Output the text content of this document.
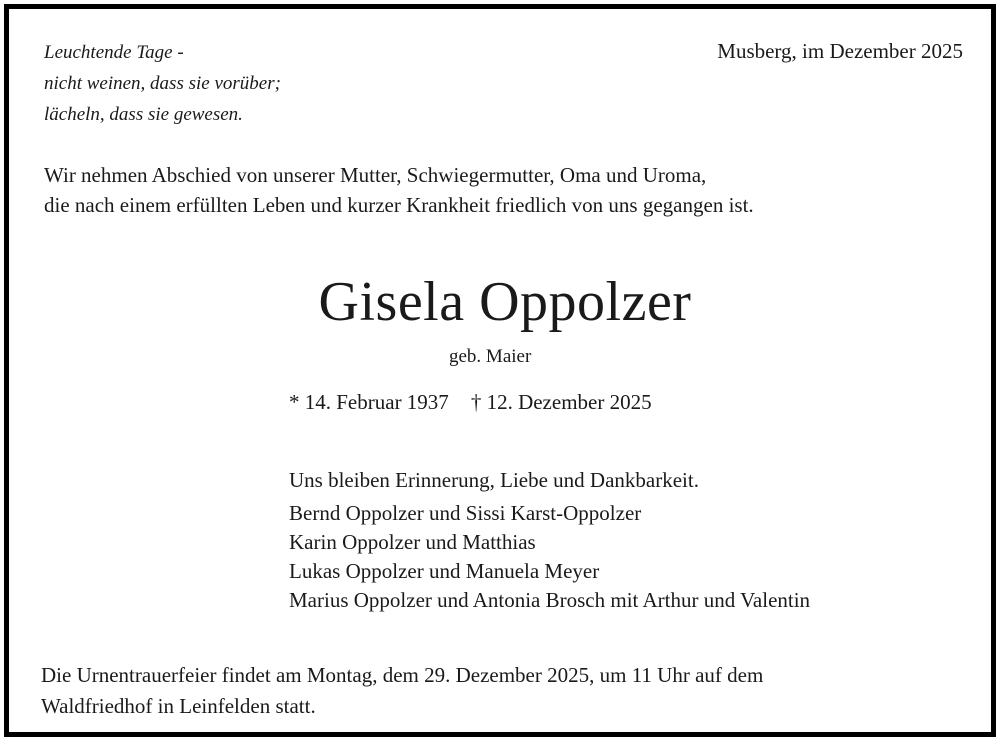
Leuchtende Tage -
nicht weinen, dass sie vorüber;
lächeln, dass sie gewesen.
Musberg, im Dezember 2025
Wir nehmen Abschied von unserer Mutter, Schwiegermutter, Oma und Uroma,
die nach einem erfüllten Leben und kurzer Krankheit friedlich von uns gegangen ist.
Gisela Oppolzer
geb. Maier
* 14. Februar 1937 † 12. Dezember 2025
Uns bleiben Erinnerung, Liebe und Dankbarkeit.
Bernd Oppolzer und Sissi Karst-Oppolzer
Karin Oppolzer und Matthias
Lukas Oppolzer und Manuela Meyer
Marius Oppolzer und Antonia Brosch mit Arthur und Valentin
Die Urnentrauerfeier findet am Montag, dem 29. Dezember 2025, um 11 Uhr auf dem
Waldfriedhof in Leinfelden statt.
